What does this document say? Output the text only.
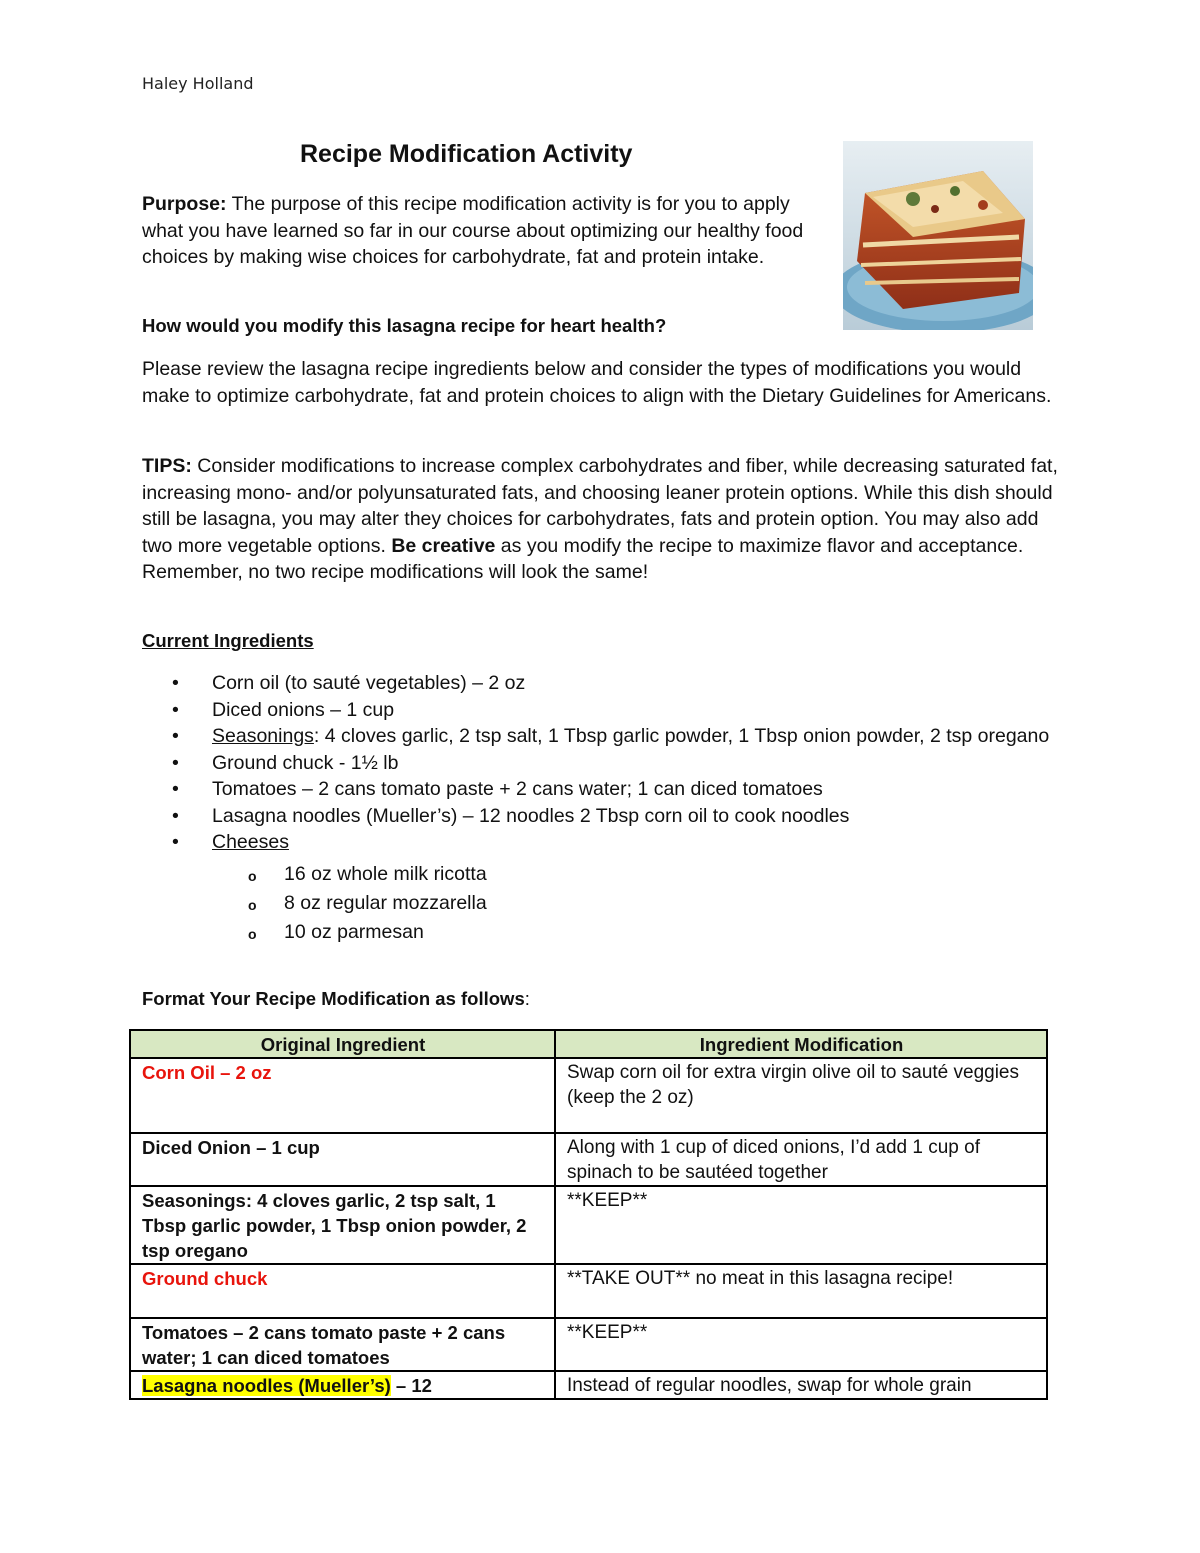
Haley Holland
Recipe Modification Activity
Purpose: The purpose of this recipe modification activity is for you to apply what you have learned so far in our course about optimizing our healthy food choices by making wise choices for carbohydrate, fat and protein intake.
How would you modify this lasagna recipe for heart health?
Please review the lasagna recipe ingredients below and consider the types of modifications you would make to optimize carbohydrate, fat and protein choices to align with the Dietary Guidelines for Americans.
TIPS: Consider modifications to increase complex carbohydrates and fiber, while decreasing saturated fat, increasing mono- and/or polyunsaturated fats, and choosing leaner protein options. While this dish should still be lasagna, you may alter they choices for carbohydrates, fats and protein option. You may also add two more vegetable options. Be creative as you modify the recipe to maximize flavor and acceptance. Remember, no two recipe modifications will look the same!
Current Ingredients
• Corn oil (to sauté vegetables) – 2 oz
• Diced onions – 1 cup
• Seasonings: 4 cloves garlic, 2 tsp salt, 1 Tbsp garlic powder, 1 Tbsp onion powder, 2 tsp oregano
• Ground chuck - 1½ lb
• Tomatoes – 2 cans tomato paste + 2 cans water; 1 can diced tomatoes
• Lasagna noodles (Mueller’s) – 12 noodles 2 Tbsp corn oil to cook noodles
• Cheeses
o 16 oz whole milk ricotta
o 8 oz regular mozzarella
o 10 oz parmesan
Format Your Recipe Modification as follows:
Original Ingredient	Ingredient Modification
Corn Oil – 2 oz	Swap corn oil for extra virgin olive oil to sauté veggies (keep the 2 oz)
Diced Onion – 1 cup	Along with 1 cup of diced onions, I’d add 1 cup of spinach to be sautéed together
Seasonings: 4 cloves garlic, 2 tsp salt, 1 Tbsp garlic powder, 1 Tbsp onion powder, 2 tsp oregano	**KEEP**
Ground chuck	**TAKE OUT** no meat in this lasagna recipe!
Tomatoes – 2 cans tomato paste + 2 cans water; 1 can diced tomatoes	**KEEP**
Lasagna noodles (Mueller’s) – 12	Instead of regular noodles, swap for whole grain
